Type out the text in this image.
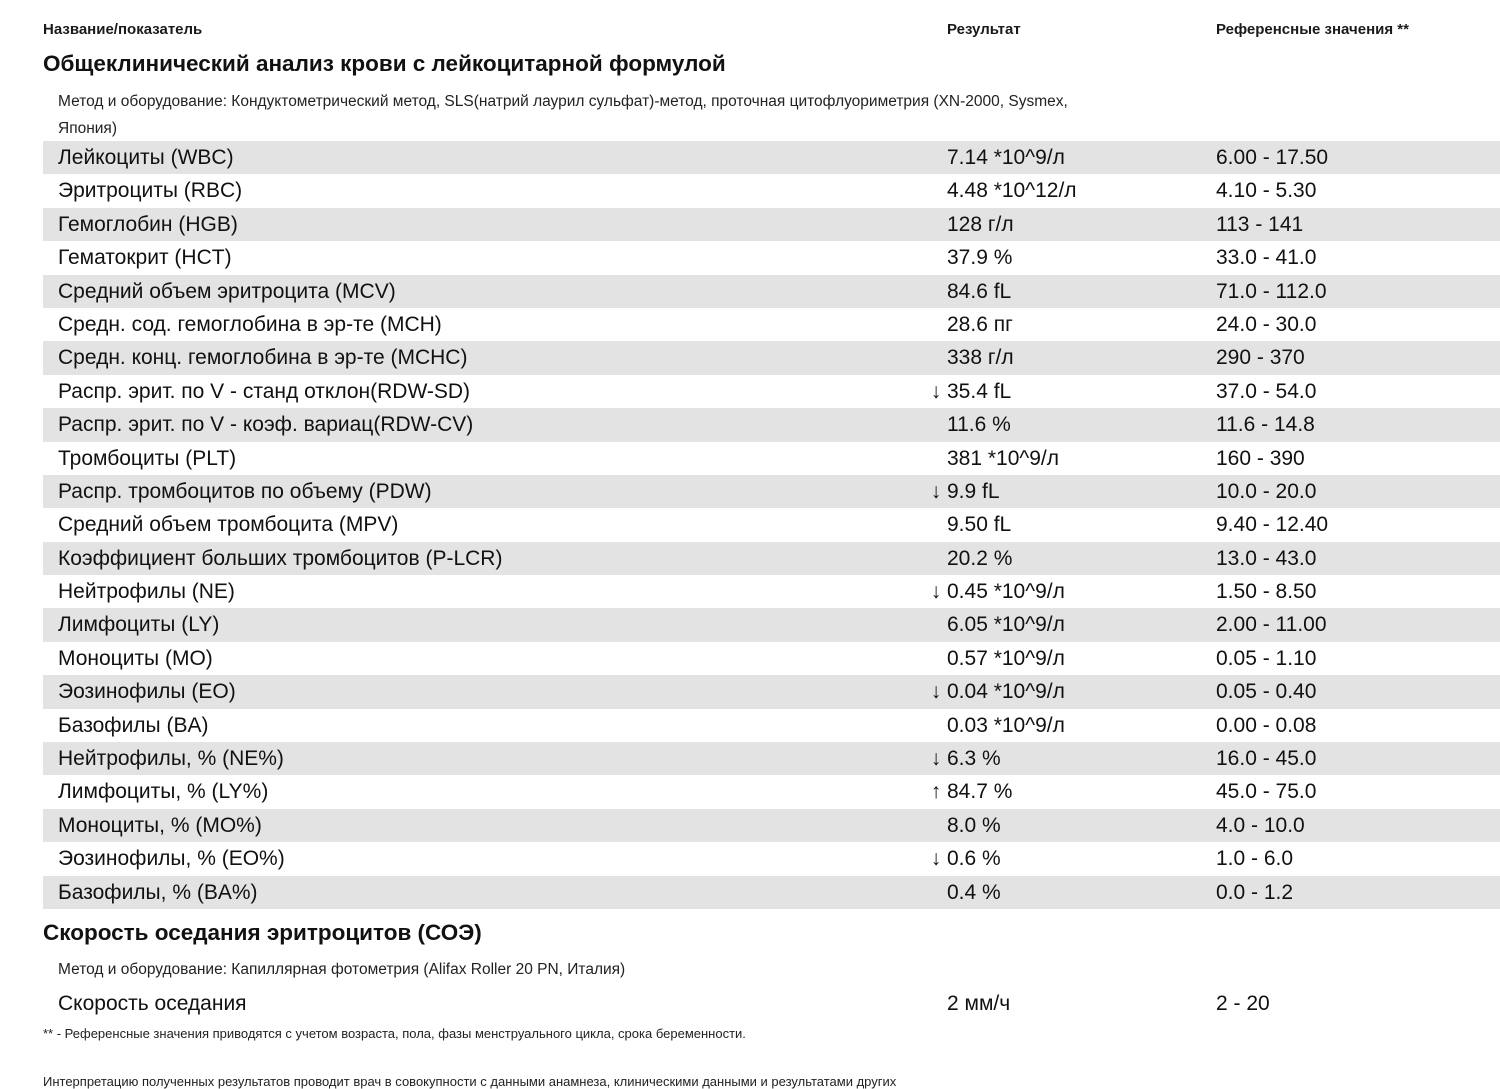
Название/показатель	Результат	Референсные значения **
Общеклинический анализ крови с лейкоцитарной формулой
Метод и оборудование: Кондуктометрический метод, SLS(натрий лаурил сульфат)-метод, проточная цитофлуориметрия (XN-2000, Sysmex,
Япония)
Лейкоциты (WBC)	7.14 *10^9/л	6.00 - 17.50
Эритроциты (RBC)	4.48 *10^12/л	4.10 - 5.30
Гемоглобин (HGB)	128 г/л	113 - 141
Гематокрит (HCT)	37.9 %	33.0 - 41.0
Средний объем эритроцита (MCV)	84.6 fL	71.0 - 112.0
Средн. сод. гемоглобина в эр-те (MCH)	28.6 пг	24.0 - 30.0
Средн. конц. гемоглобина в эр-те (MCHC)	338 г/л	290 - 370
Распр. эрит. по V - станд отклон(RDW-SD)	↓ 35.4 fL	37.0 - 54.0
Распр. эрит. по V - коэф. вариац(RDW-CV)	11.6 %	11.6 - 14.8
Тромбоциты (PLT)	381 *10^9/л	160 - 390
Распр. тромбоцитов по объему (PDW)	↓ 9.9 fL	10.0 - 20.0
Средний объем тромбоцита (MPV)	9.50 fL	9.40 - 12.40
Коэффициент больших тромбоцитов (P-LCR)	20.2 %	13.0 - 43.0
Нейтрофилы (NE)	↓ 0.45 *10^9/л	1.50 - 8.50
Лимфоциты (LY)	6.05 *10^9/л	2.00 - 11.00
Моноциты (MO)	0.57 *10^9/л	0.05 - 1.10
Эозинофилы (EO)	↓ 0.04 *10^9/л	0.05 - 0.40
Базофилы (BA)	0.03 *10^9/л	0.00 - 0.08
Нейтрофилы, % (NE%)	↓ 6.3 %	16.0 - 45.0
Лимфоциты, % (LY%)	↑ 84.7 %	45.0 - 75.0
Моноциты, % (MO%)	8.0 %	4.0 - 10.0
Эозинофилы, % (EO%)	↓ 0.6 %	1.0 - 6.0
Базофилы, % (BA%)	0.4 %	0.0 - 1.2
Скорость оседания эритроцитов (СОЭ)
Метод и оборудование: Капиллярная фотометрия (Alifax Roller 20 PN, Италия)
Скорость оседания	2 мм/ч	2 - 20
** - Референсные значения приводятся с учетом возраста, пола, фазы менструального цикла, срока беременности.
Интерпретацию полученных результатов проводит врач в совокупности с данными анамнеза, клиническими данными и результатами других
